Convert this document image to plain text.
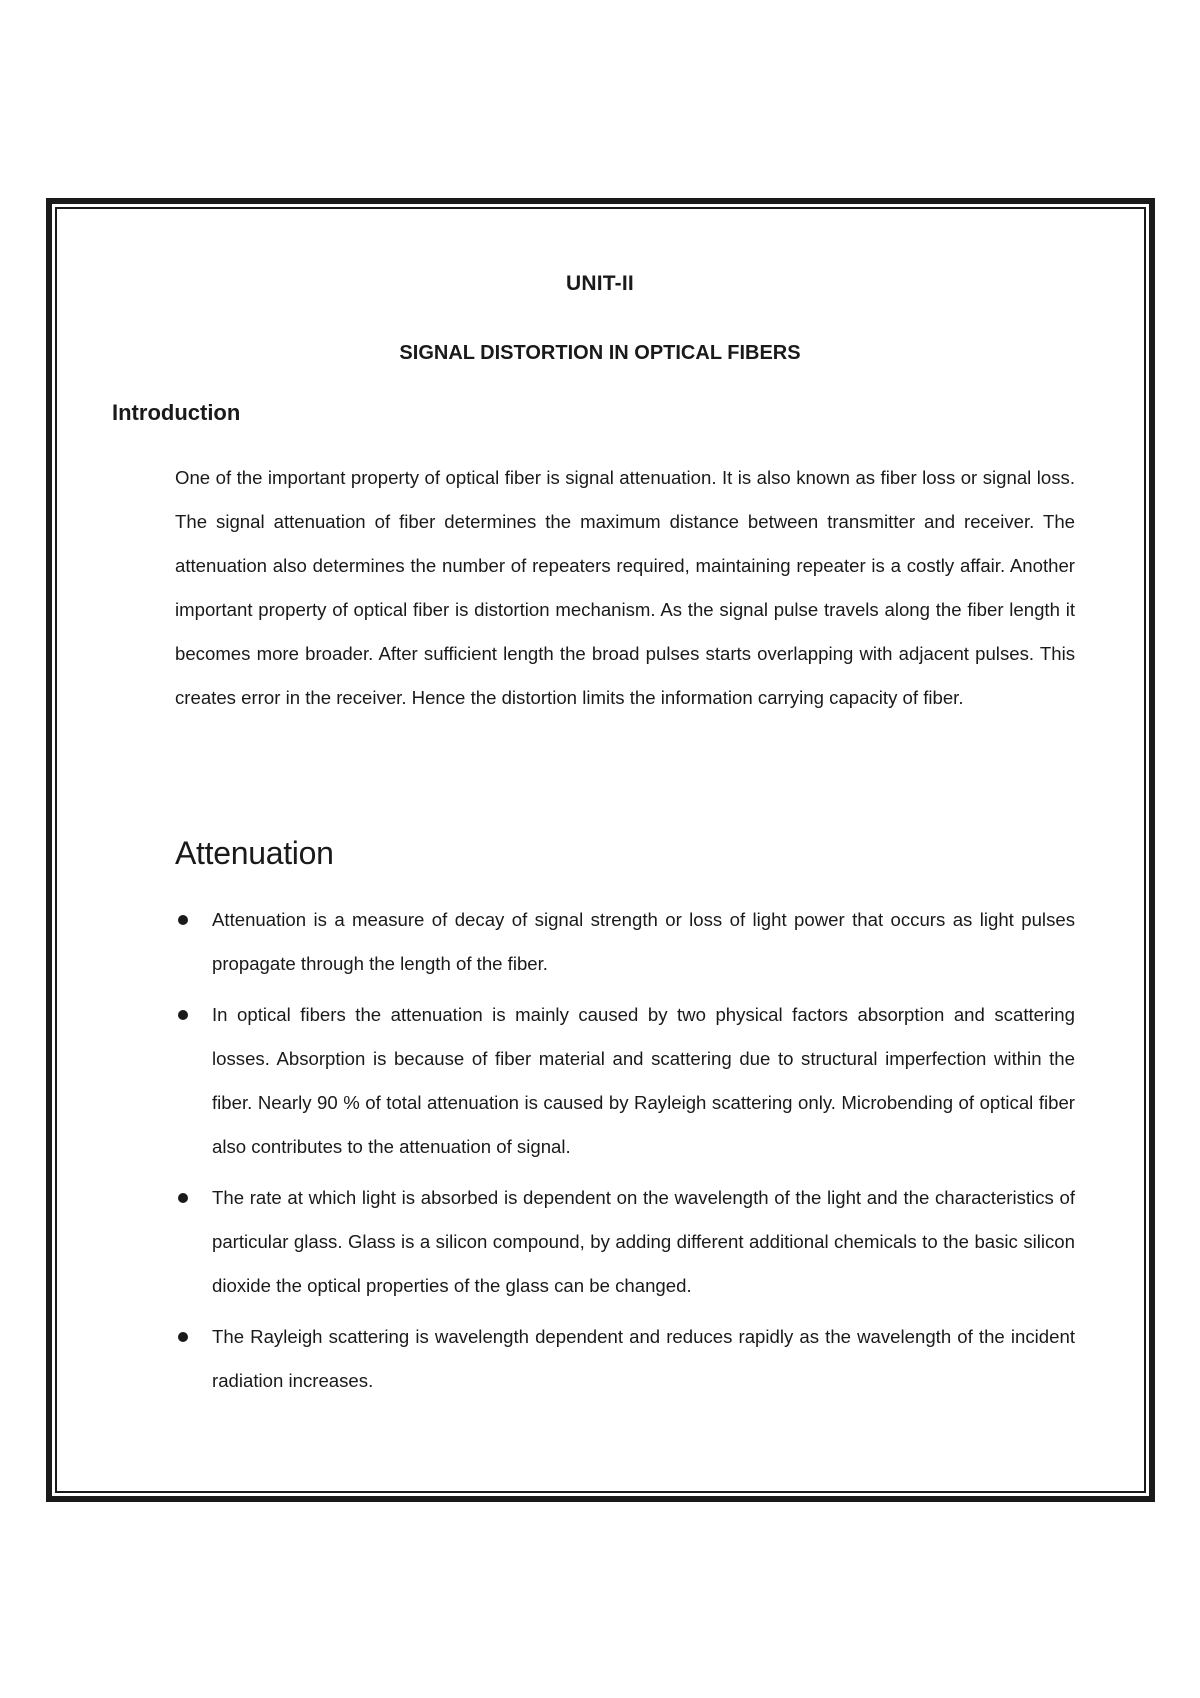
UNIT-II
SIGNAL DISTORTION IN OPTICAL FIBERS
Introduction

One of the important property of optical fiber is signal attenuation. It is also known as fiber loss or signal loss. The signal attenuation of fiber determines the maximum distance between transmitter and receiver. The attenuation also determines the number of repeaters required, maintaining repeater is a costly affair. Another important property of optical fiber is distortion mechanism. As the signal pulse travels along the fiber length it becomes more broader. After sufficient length the broad pulses starts overlapping with adjacent pulses. This creates error in the receiver. Hence the distortion limits the information carrying capacity of fiber.

Attenuation
Attenuation is a measure of decay of signal strength or loss of light power that occurs as light pulses propagate through the length of the fiber.
In optical fibers the attenuation is mainly caused by two physical factors absorption and scattering losses. Absorption is because of fiber material and scattering due to structural imperfection within the fiber. Nearly 90 % of total attenuation is caused by Rayleigh scattering only. Microbending of optical fiber also contributes to the attenuation of signal.
The rate at which light is absorbed is dependent on the wavelength of the light and the characteristics of particular glass. Glass is a silicon compound, by adding different additional chemicals to the basic silicon dioxide the optical properties of the glass can be changed.
The Rayleigh scattering is wavelength dependent and reduces rapidly as the wavelength of the incident radiation increases.
